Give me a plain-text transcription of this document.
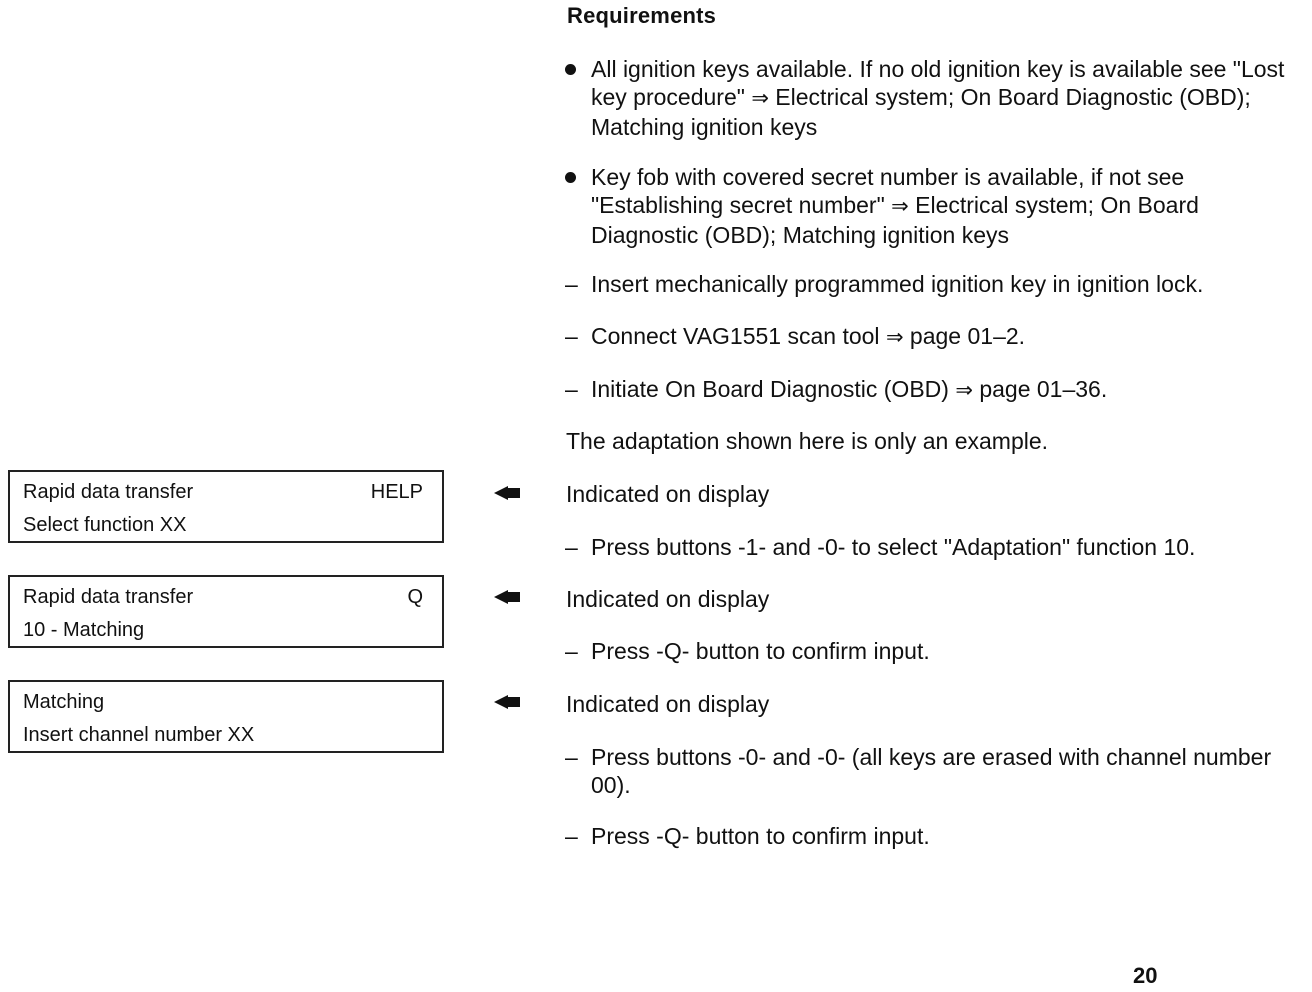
Requirements
All ignition keys available. If no old ignition key is available see "Lost key procedure" ⇒ Electrical system; On Board Diagnostic (OBD); Matching ignition keys
Key fob with covered secret number is available, if not see "Establishing secret number" ⇒ Electrical system; On Board Diagnostic (OBD); Matching ignition keys
– Insert mechanically programmed ignition key in ignition lock.
– Connect VAG1551 scan tool ⇒ page 01–2.
– Initiate On Board Diagnostic (OBD) ⇒ page 01–36.
The adaptation shown here is only an example.
Indicated on display
– Press buttons -1- and -0- to select "Adaptation" function 10.
Indicated on display
– Press -Q- button to confirm input.
Indicated on display
– Press buttons -0- and -0- (all keys are erased with channel number 00).
– Press -Q- button to confirm input.
Rapid data transfer	HELP
Select function XX
Rapid data transfer	Q
10 - Matching
Matching
Insert channel number XX
20
